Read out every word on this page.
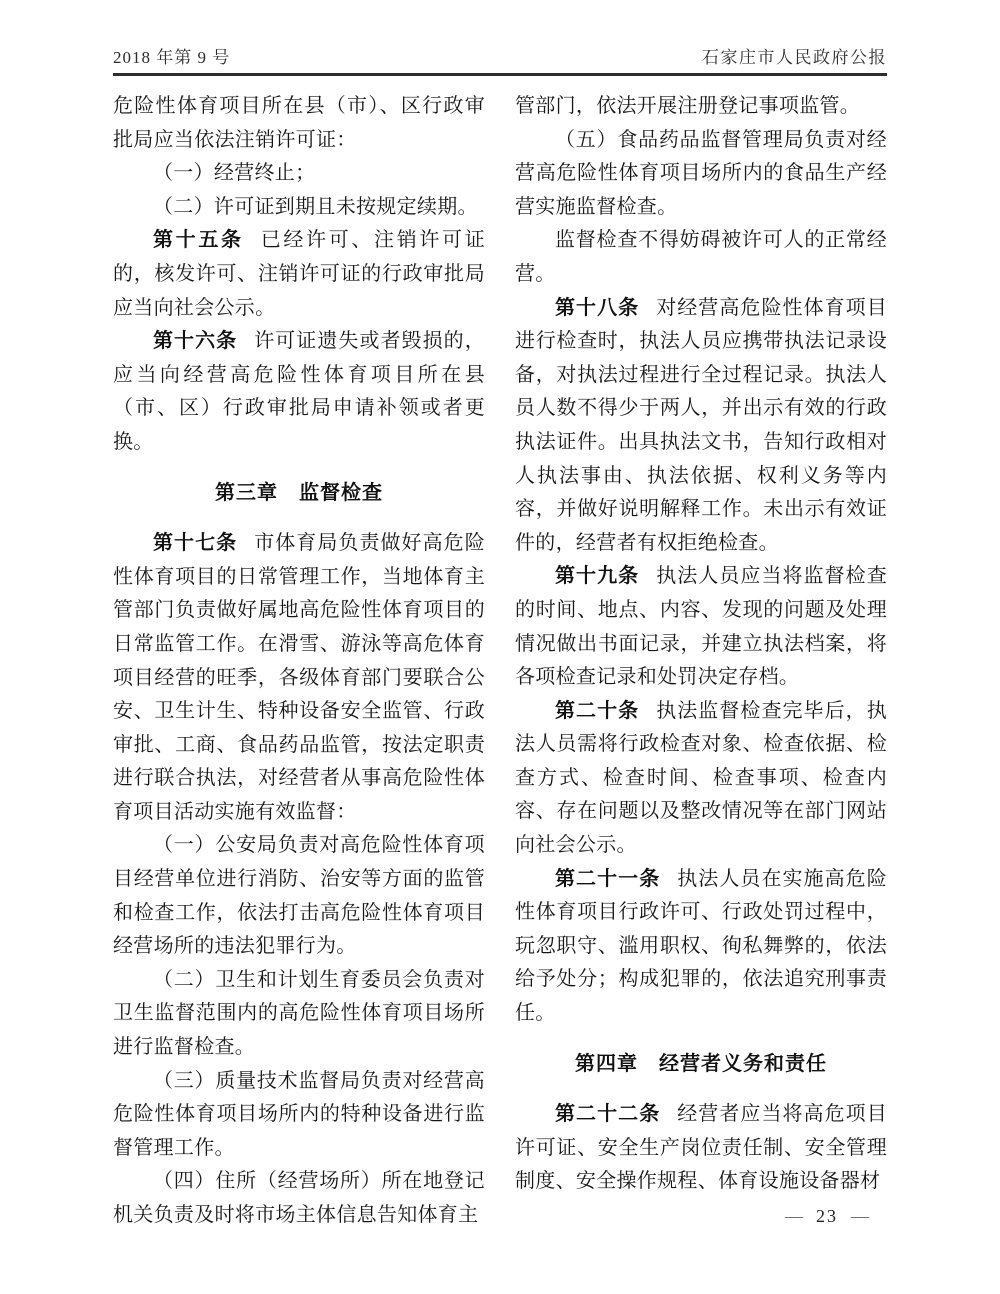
2018 年第 9 号	石家庄市人民政府公报

危险性体育项目所在县（市）、区行政审批局应当依法注销许可证：

（一）经营终止；

（二）许可证到期且未按规定续期。

第十五条 已经许可、注销许可证的，核发许可、注销许可证的行政审批局应当向社会公示。

第十六条 许可证遗失或者毁损的，应当向经营高危险性体育项目所在县（市、区）行政审批局申请补领或者更换。

第三章　监督检查

第十七条 市体育局负责做好高危险性体育项目的日常管理工作，当地体育主管部门负责做好属地高危险性体育项目的日常监管工作。在滑雪、游泳等高危体育项目经营的旺季，各级体育部门要联合公安、卫生计生、特种设备安全监管、行政审批、工商、食品药品监管，按法定职责进行联合执法，对经营者从事高危险性体育项目活动实施有效监督：

（一）公安局负责对高危险性体育项目经营单位进行消防、治安等方面的监管和检查工作，依法打击高危险性体育项目经营场所的违法犯罪行为。

（二）卫生和计划生育委员会负责对卫生监督范围内的高危险性体育项目场所进行监督检查。

（三）质量技术监督局负责对经营高危险性体育项目场所内的特种设备进行监督管理工作。

（四）住所（经营场所）所在地登记机关负责及时将市场主体信息告知体育主

管部门，依法开展注册登记事项监管。

（五）食品药品监督管理局负责对经营高危险性体育项目场所内的食品生产经营实施监督检查。

监督检查不得妨碍被许可人的正常经营。

第十八条 对经营高危险性体育项目进行检查时，执法人员应携带执法记录设备，对执法过程进行全过程记录。执法人员人数不得少于两人，并出示有效的行政执法证件。出具执法文书，告知行政相对人执法事由、执法依据、权利义务等内容，并做好说明解释工作。未出示有效证件的，经营者有权拒绝检查。

第十九条 执法人员应当将监督检查的时间、地点、内容、发现的问题及处理情况做出书面记录，并建立执法档案，将各项检查记录和处罚决定存档。

第二十条 执法监督检查完毕后，执法人员需将行政检查对象、检查依据、检查方式、检查时间、检查事项、检查内容、存在问题以及整改情况等在部门网站向社会公示。

第二十一条 执法人员在实施高危险性体育项目行政许可、行政处罚过程中，玩忽职守、滥用职权、徇私舞弊的，依法给予处分；构成犯罪的，依法追究刑事责任。

第四章　经营者义务和责任

第二十二条 经营者应当将高危项目许可证、安全生产岗位责任制、安全管理制度、安全操作规程、体育设施设备器材

— 23 —
